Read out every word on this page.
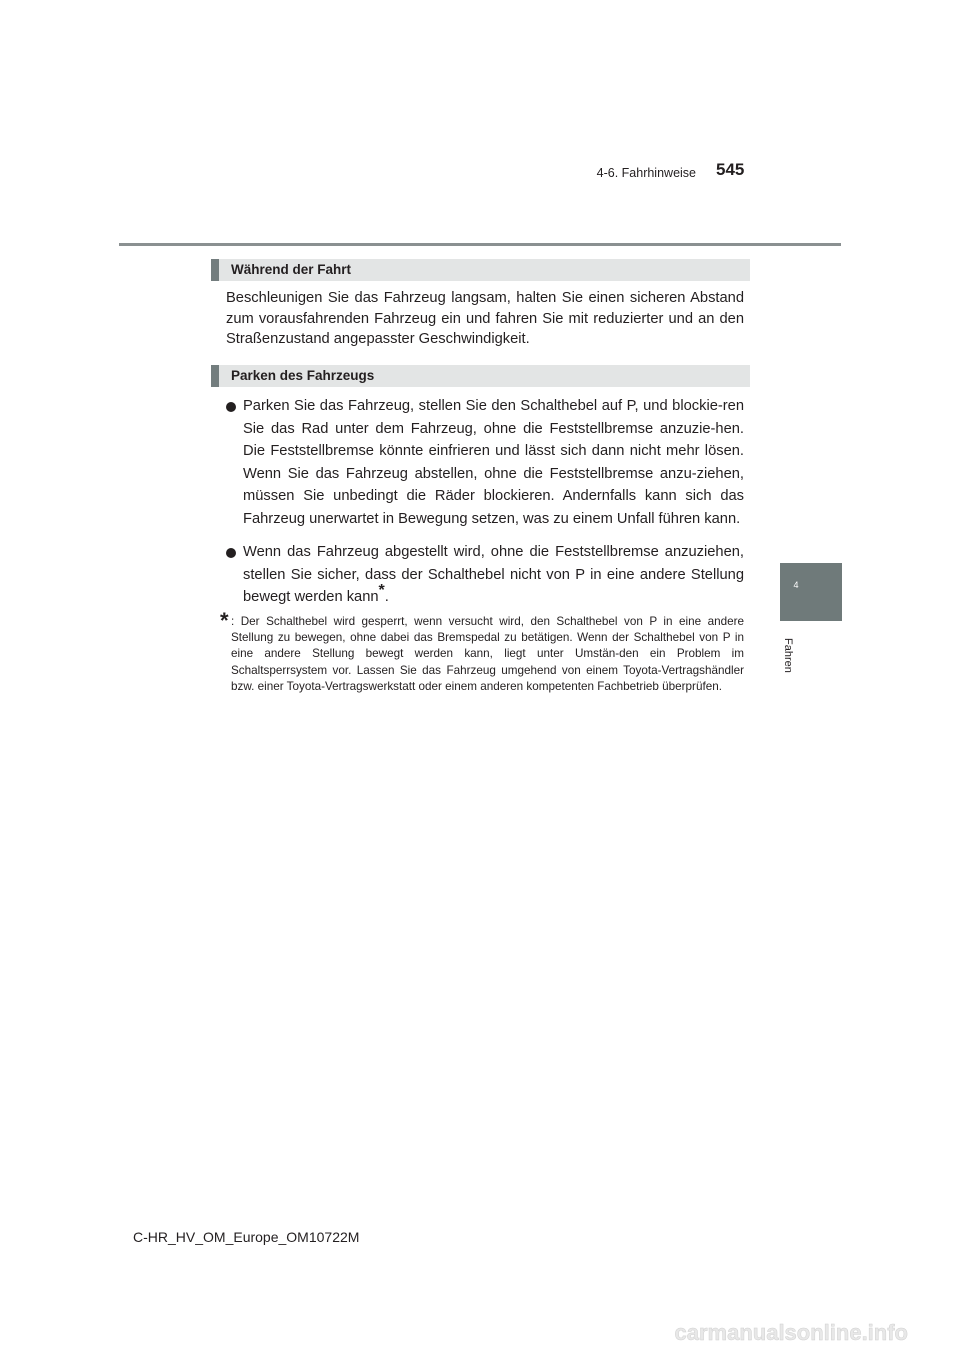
4-6. Fahrhinweise 545
4
Fahren
Während der Fahrt

Beschleunigen Sie das Fahrzeug langsam, halten Sie einen sicheren Abstand zum vorausfahrenden Fahrzeug ein und fahren Sie mit reduzierter und an den Straßenzustand angepasster Geschwindigkeit.

Parken des Fahrzeugs
Parken Sie das Fahrzeug, stellen Sie den Schalthebel auf P, und blockie-ren Sie das Rad unter dem Fahrzeug, ohne die Feststellbremse anzuzie-hen. Die Feststellbremse könnte einfrieren und lässt sich dann nicht mehr lösen. Wenn Sie das Fahrzeug abstellen, ohne die Feststellbremse anzu-ziehen, müssen Sie unbedingt die Räder blockieren. Andernfalls kann sich das Fahrzeug unerwartet in Bewegung setzen, was zu einem Unfall führen kann.
Wenn das Fahrzeug abgestellt wird, ohne die Feststellbremse anzuziehen, stellen Sie sicher, dass der Schalthebel nicht von P in eine andere Stellung bewegt werden kann*.
* : Der Schalthebel wird gesperrt, wenn versucht wird, den Schalthebel von P in eine andere Stellung zu bewegen, ohne dabei das Bremspedal zu betätigen. Wenn der Schalthebel von P in eine andere Stellung bewegt werden kann, liegt unter Umstän-den ein Problem im Schaltsperrsystem vor. Lassen Sie das Fahrzeug umgehend von einem Toyota-Vertragshändler bzw. einer Toyota-Vertragswerkstatt oder einem anderen kompetenten Fachbetrieb überprüfen.
C-HR_HV_OM_Europe_OM10722M
carmanualsonline.info
